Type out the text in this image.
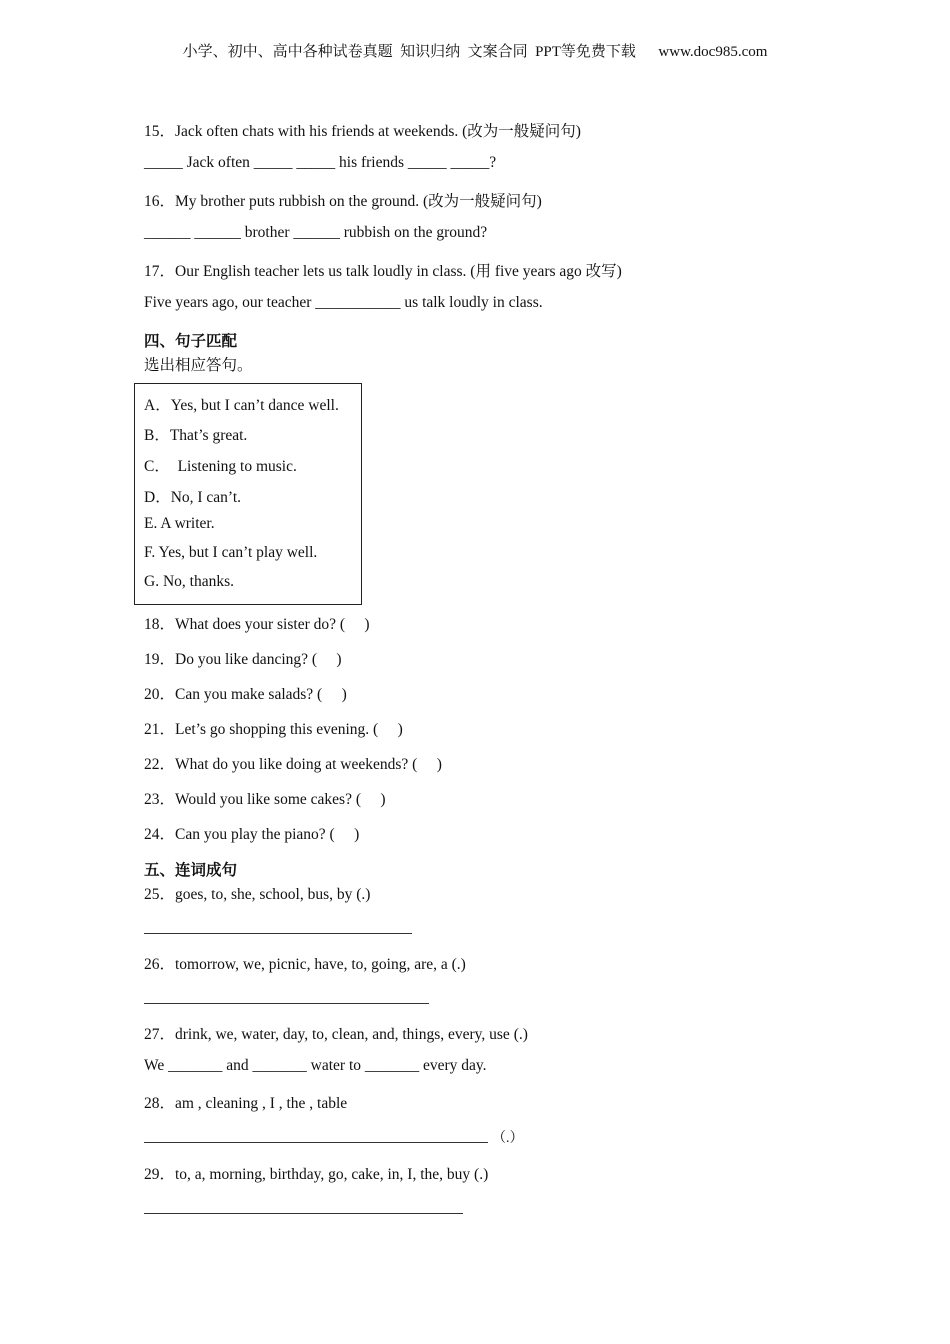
小学、初中、高中各种试卷真题  知识归纳  文案合同  PPT等免费下载      www.doc985.com
15．Jack often chats with his friends at weekends. (改为一般疑问句)
_____ Jack often _____ _____ his friends _____ _____?
16．My brother puts rubbish on the ground. (改为一般疑问句)
______ ______ brother ______ rubbish on the ground?
17．Our English teacher lets us talk loudly in class. (用 five years ago 改写)
Five years ago, our teacher ___________ us talk loudly in class.
四、句子匹配
选出相应答句。
A．Yes, but I can’t dance well.
B．That’s great.
C．  Listening to music.
D．No, I can’t.
E. A writer.
F. Yes, but I can’t play well.
G. No, thanks.
18．What does your sister do? (     )
19．Do you like dancing? (     )
20．Can you make salads? (     )
21．Let’s go shopping this evening. (     )
22．What do you like doing at weekends? (     )
23．Would you like some cakes? (     )
24．Can you play the piano? (     )
五、连词成句
25．goes, to, she, school, bus, by (.)
26．tomorrow, we, picnic, have, to, going, are, a (.)
27．drink, we, water, day, to, clean, and, things, every, use (.)
We _______ and _______ water to _______ every day.
28．am , cleaning , I , the , table
（.）
29．to, a, morning, birthday, go, cake, in, I, the, buy (.)
